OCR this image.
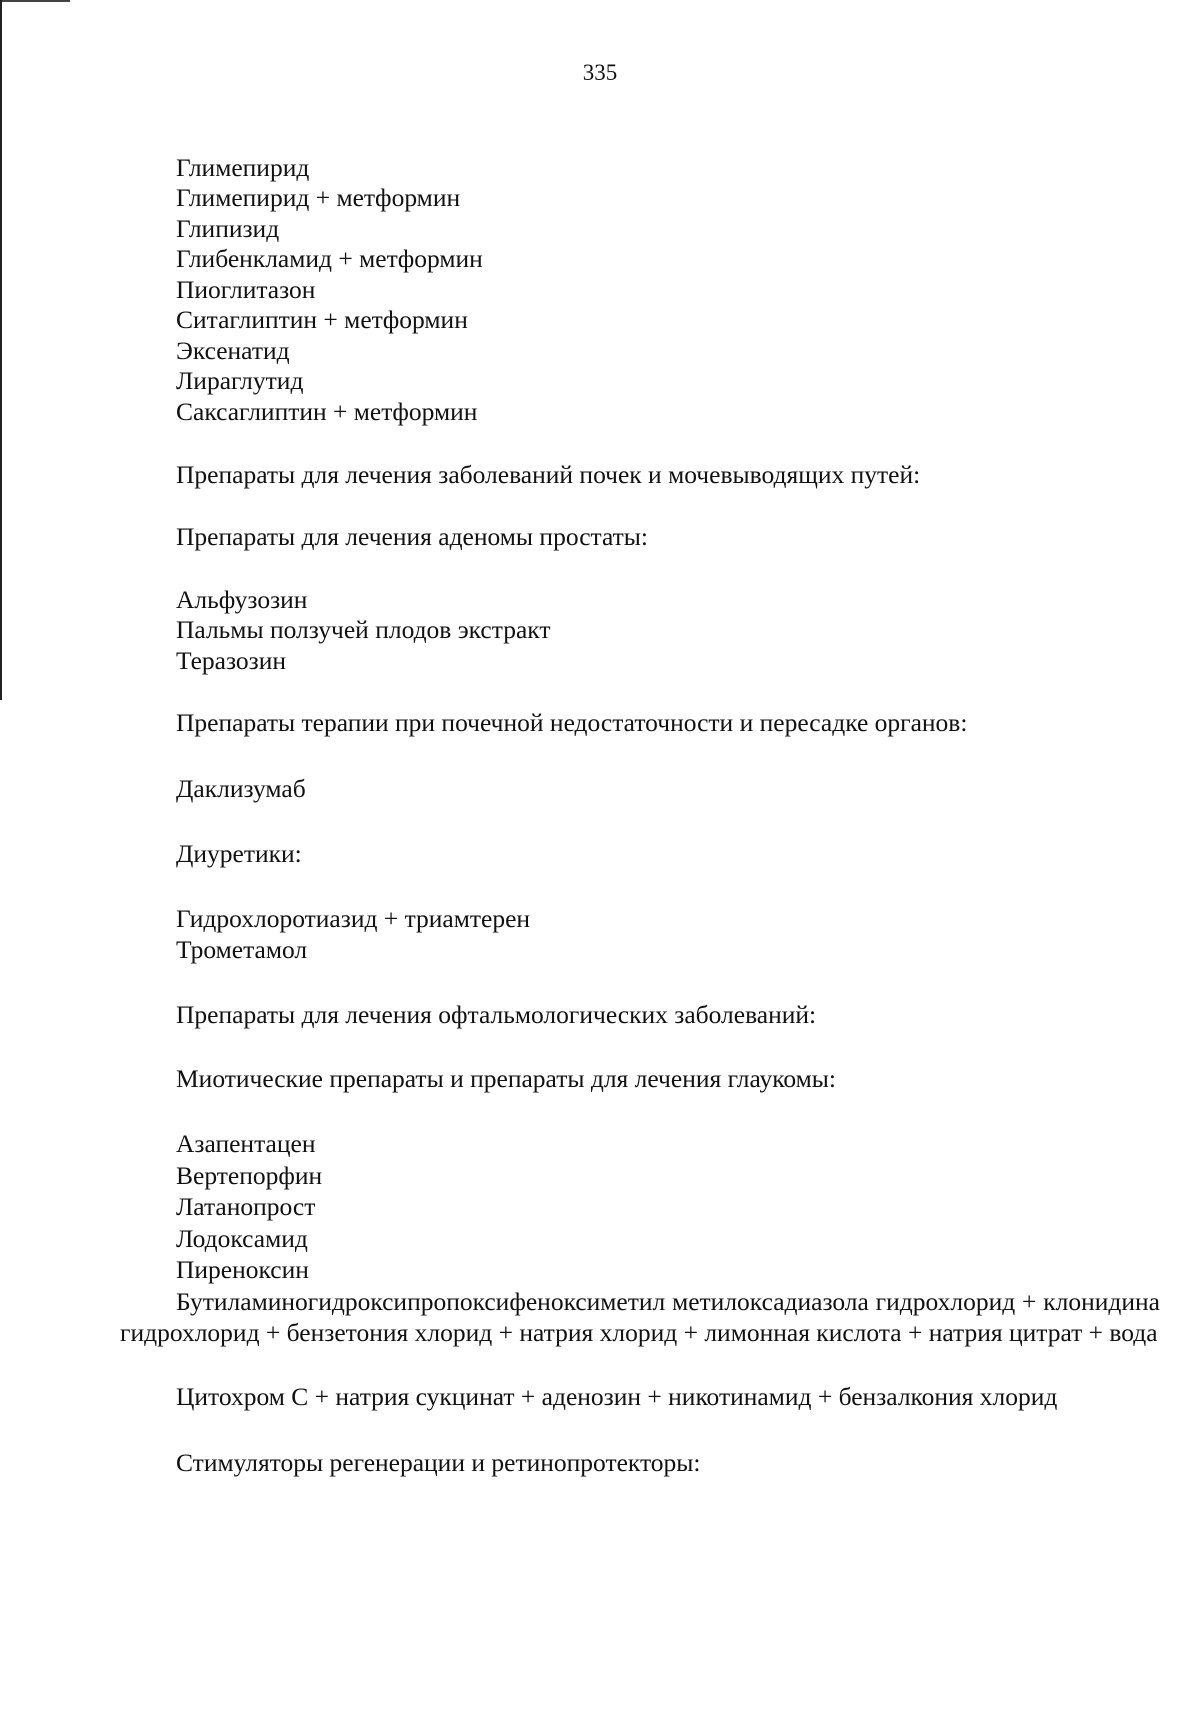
335
Глимепирид
Глимепирид + метформин
Глипизид
Глибенкламид + метформин
Пиоглитазон
Ситаглиптин + метформин
Эксенатид
Лираглутид
Саксаглиптин + метформин
Препараты для лечения заболеваний почек и мочевыводящих путей:
Препараты для лечения аденомы простаты:
Альфузозин
Пальмы ползучей плодов экстракт
Теразозин
Препараты терапии при почечной недостаточности и пересадке органов:
Даклизумаб
Диуретики:
Гидрохлоротиазид + триамтерен
Трометамол
Препараты для лечения офтальмологических заболеваний:
Миотические препараты и препараты для лечения глаукомы:
Азапентацен
Вертепорфин
Латанопрост
Лодоксамид
Пиреноксин
Бутиламиногидроксипропоксифеноксиметил метилоксадиазола гидрохлорид + клонидина гидрохлорид + бензетония хлорид + натрия хлорид + лимонная кислота + натрия цитрат + вода
Цитохром С + натрия сукцинат + аденозин + никотинамид + бензалкония хлорид
Стимуляторы регенерации и ретинопротекторы:
